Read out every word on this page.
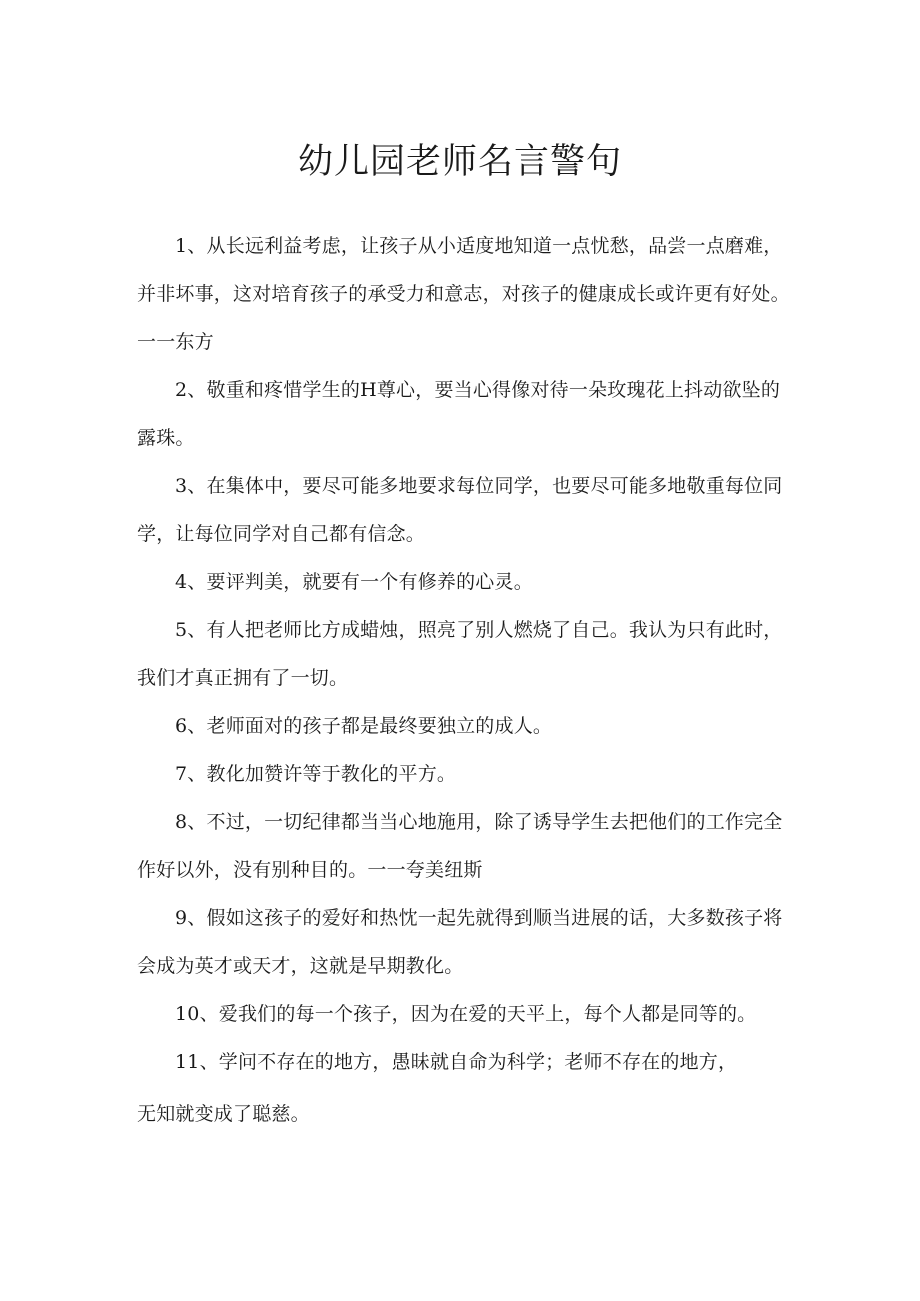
幼儿园老师名言警句

1、从长远利益考虑，让孩子从小适度地知道一点忧愁，品尝一点磨难，并非坏事，这对培育孩子的承受力和意志，对孩子的健康成长或许更有好处。一一东方

2、敬重和疼惜学生的H尊心，要当心得像对待一朵玫瑰花上抖动欲坠的露珠。

3、在集体中，要尽可能多地要求每位同学，也要尽可能多地敬重每位同学，让每位同学对自己都有信念。

4、要评判美，就要有一个有修养的心灵。

5、有人把老师比方成蜡烛，照亮了别人燃烧了自己。我认为只有此时，我们才真正拥有了一切。

6、老师面对的孩子都是最终要独立的成人。

7、教化加赞许等于教化的平方。

8、不过，一切纪律都当当心地施用，除了诱导学生去把他们的工作完全作好以外，没有别种目的。一一夸美纽斯

9、假如这孩子的爱好和热忱一起先就得到顺当进展的话，大多数孩子将会成为英才或天才，这就是早期教化。

10、爱我们的每一个孩子，因为在爱的天平上，每个人都是同等的。

11、学问不存在的地方，愚昧就自命为科学；老师不存在的地方，
无知就变成了聪慈。
